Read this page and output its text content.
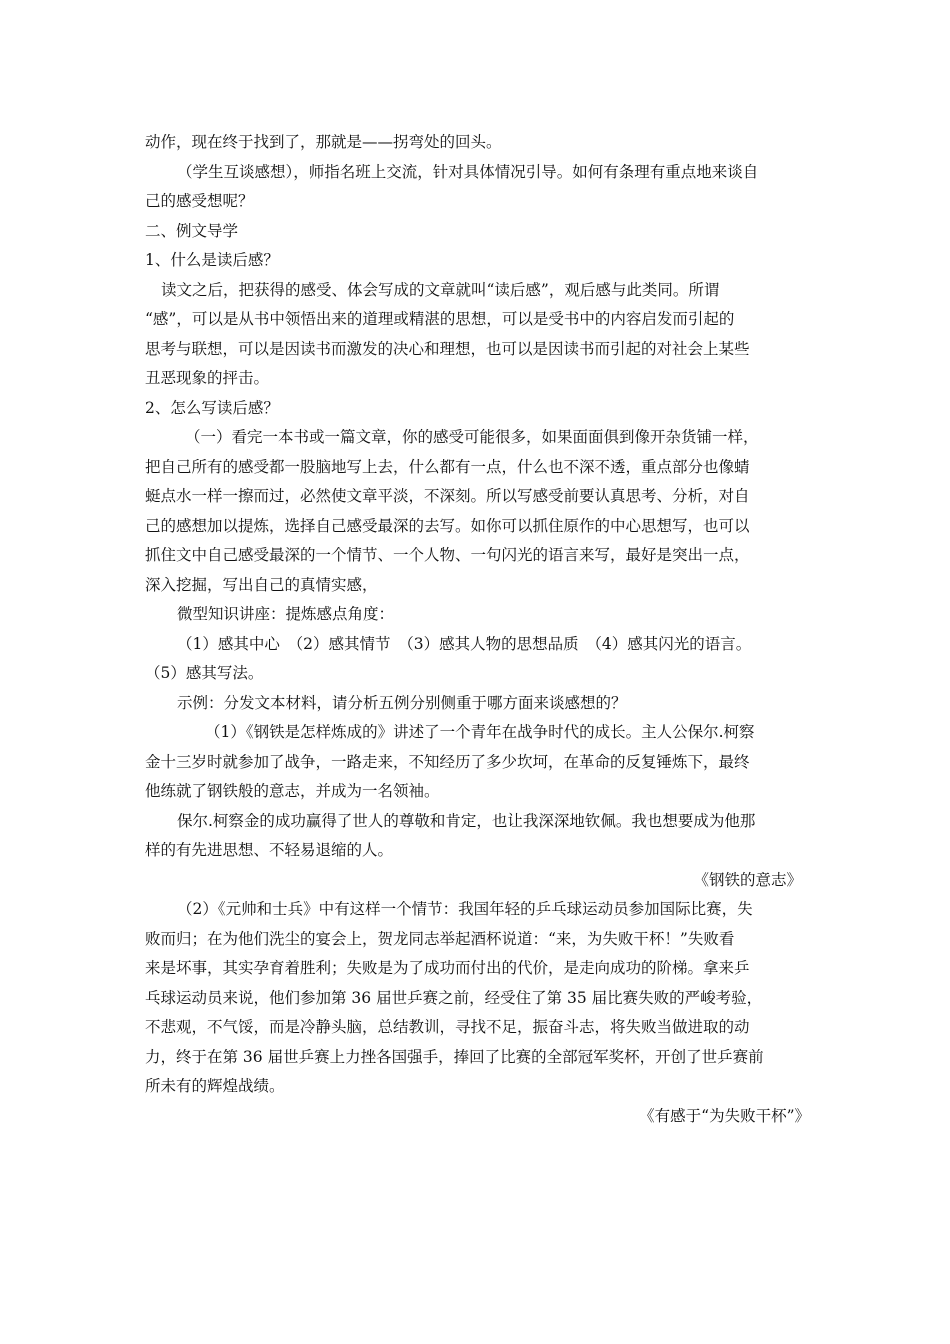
动作，现在终于找到了，那就是——拐弯处的回头。
（学生互谈感想），师指名班上交流，针对具体情况引导。如何有条理有重点地来谈自
己的感受想呢？
二、例文导学
1、什么是读后感？
读文之后，把获得的感受、体会写成的文章就叫“读后感”，观后感与此类同。所谓
“感”，可以是从书中领悟出来的道理或精湛的思想，可以是受书中的内容启发而引起的
思考与联想，可以是因读书而激发的决心和理想，也可以是因读书而引起的对社会上某些
丑恶现象的抨击。
2、怎么写读后感？
（一）看完一本书或一篇文章，你的感受可能很多，如果面面俱到像开杂货铺一样，
把自己所有的感受都一股脑地写上去，什么都有一点，什么也不深不透，重点部分也像蜻
蜓点水一样一擦而过，必然使文章平淡，不深刻。所以写感受前要认真思考、分析，对自
己的感想加以提炼，选择自己感受最深的去写。如你可以抓住原作的中心思想写，也可以
抓住文中自己感受最深的一个情节、一个人物、一句闪光的语言来写，最好是突出一点，
深入挖掘，写出自己的真情实感，
微型知识讲座：提炼感点角度：
（1）感其中心　（2）感其情节　（3）感其人物的思想品质　（4）感其闪光的语言。
（5）感其写法。
示例：分发文本材料，请分析五例分别侧重于哪方面来谈感想的？
（1）《钢铁是怎样炼成的》讲述了一个青年在战争时代的成长。主人公保尔.柯察
金十三岁时就参加了战争，一路走来，不知经历了多少坎坷，在革命的反复锤炼下，最终
他练就了钢铁般的意志，并成为一名领袖。
保尔.柯察金的成功赢得了世人的尊敬和肯定，也让我深深地钦佩。我也想要成为他那
样的有先进思想、不轻易退缩的人。
《钢铁的意志》
（2）《元帅和士兵》中有这样一个情节：我国年轻的乒乓球运动员参加国际比赛，失
败而归；在为他们洗尘的宴会上，贺龙同志举起酒杯说道：“来，为失败干杯！”失败看
来是坏事，其实孕育着胜利；失败是为了成功而付出的代价，是走向成功的阶梯。拿来乒
乓球运动员来说，他们参加第 36 届世乒赛之前，经受住了第 35 届比赛失败的严峻考验，
不悲观，不气馁，而是冷静头脑，总结教训，寻找不足，振奋斗志，将失败当做进取的动
力，终于在第 36 届世乒赛上力挫各国强手，捧回了比赛的全部冠军奖杯，开创了世乒赛前
所未有的辉煌战绩。
《有感于“为失败干杯”》
